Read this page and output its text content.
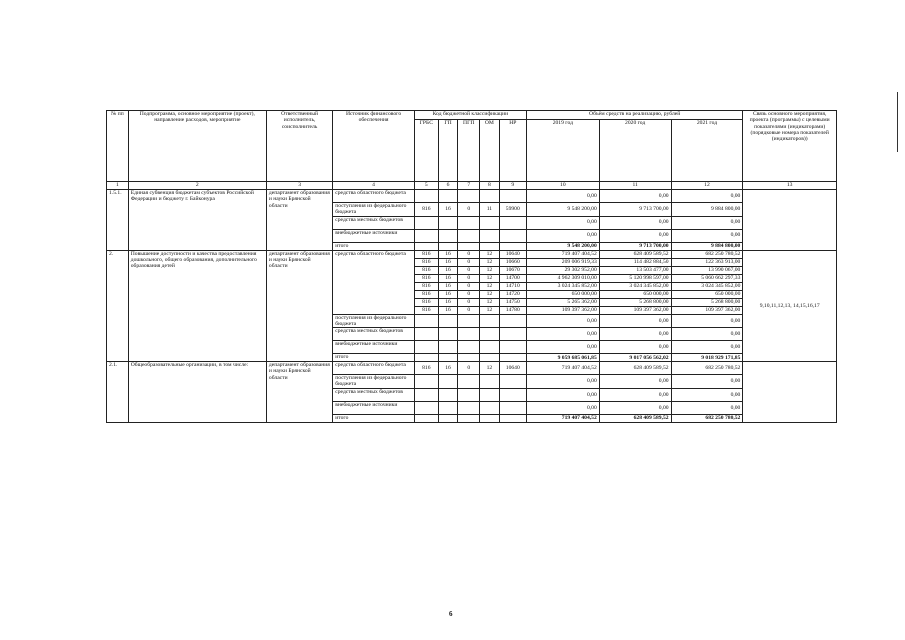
№ пп	Подпрограмма, основное мероприятие (проект), направление расходов, мероприятие	Ответственный исполнитель, соисполнитель	Источник финансового обеспечения	Код бюджетной классификации					Объём средств на реализацию, рублей			Связь основного мероприятия, проекта (программы) с целевыми показателями (индикаторами) (порядковые номера показателей (индикаторов))
				ГРБС	ГП	ПГП	ОМ	НР	2019 год	2020 год	2021 год	
1	2	3	4	5	6	7	8	9	10	11	12	13
1.5.1.	Единая субвенция бюджетам субъектов Российской Федерации и бюджету г. Байконура	департамент образования и науки Брянской области	средства областного бюджета						0,00	0,00	0,00	
			поступления из федерального бюджета	816	16	0	11	59900	9 548 200,00	9 713 700,00	9 884 800,00	
			средства местных бюджетов						0,00	0,00	0,00	
			внебюджетные источники						0,00	0,00	0,00	
			итого						9 548 200,00	9 713 700,00	9 884 800,00	
2.	Повышение доступности и качества предоставления дошкольного, общего образования, дополнительного образования детей	департамент образования и науки Брянской области	средства областного бюджета	816	16	0	12	10640	719 407 404,52	628 409 589,52	682 250 780,52	9,10,11,12,13, 14,15,16,17
				816	16	0	12	10660	209 006 919,33	114 482 884,50	122 363 913,00	
				816	16	0	12	10670	29 302 952,00	13 503 477,00	13 990 067,00	
				816	16	0	12	14700	4 962 309 010,00	5 120 998 597,00	5 060 662 297,33	
				816	16	0	12	14710	3 024 345 852,00	3 024 345 852,00	3 024 345 852,00	
				816	16	0	12	14720	650 000,00	650 000,00	650 000,00	
				816	16	0	12	14750	5 265 362,00	5 268 800,00	5 268 800,00	
				816	16	0	12	14780	109 397 362,00	109 397 362,00	109 397 362,00	
			поступления из федерального бюджета						0,00	0,00	0,00	
			средства местных бюджетов						0,00	0,00	0,00	
			внебюджетные источники						0,00	0,00	0,00	
			итого						9 059 685 061,85	9 017 056 562,02	9 018 929 171,85	
2.1.	Общеобразовательные организации, в том числе:	департамент образования и науки Брянской области	средства областного бюджета	816	16	0	12	10640	719 407 404,52	628 409 589,52	682 250 780,52	
			поступления из федерального бюджета						0,00	0,00	0,00	
			средства местных бюджетов						0,00	0,00	0,00	
			внебюджетные источники						0,00	0,00	0,00	
			итого						719 407 404,52	628 409 589,52	682 250 780,52	
6
